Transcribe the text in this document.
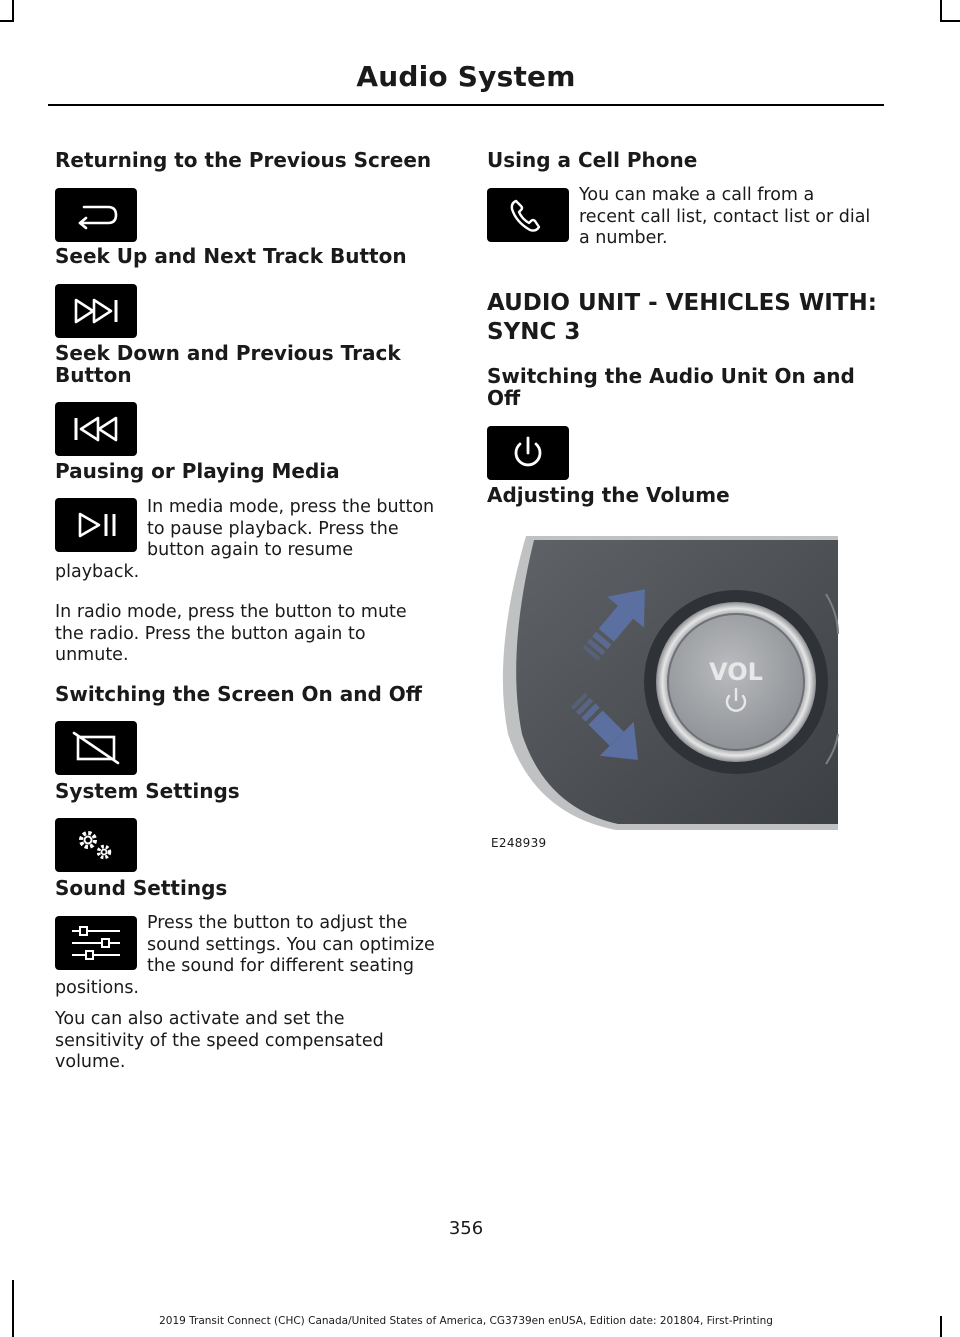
Audio System
Returning to the Previous Screen
Seek Up and Next Track Button
Seek Down and Previous Track
Button
Pausing or Playing Media
In media mode, press the button
to pause playback. Press the
button again to resume
playback.
In radio mode, press the button to mute
the radio. Press the button again to
unmute.
Switching the Screen On and Off
System Settings
Sound Settings
Press the button to adjust the
sound settings. You can optimize
the sound for different seating
positions.
You can also activate and set the
sensitivity of the speed compensated
volume.
Using a Cell Phone
You can make a call from a
recent call list, contact list or dial
a number.
AUDIO UNIT - VEHICLES WITH:
SYNC 3
Switching the Audio Unit On and
Off
Adjusting the Volume
VOL
E248939
356
2019 Transit Connect (CHC) Canada/United States of America, CG3739en enUSA, Edition date: 201804, First-Printing
